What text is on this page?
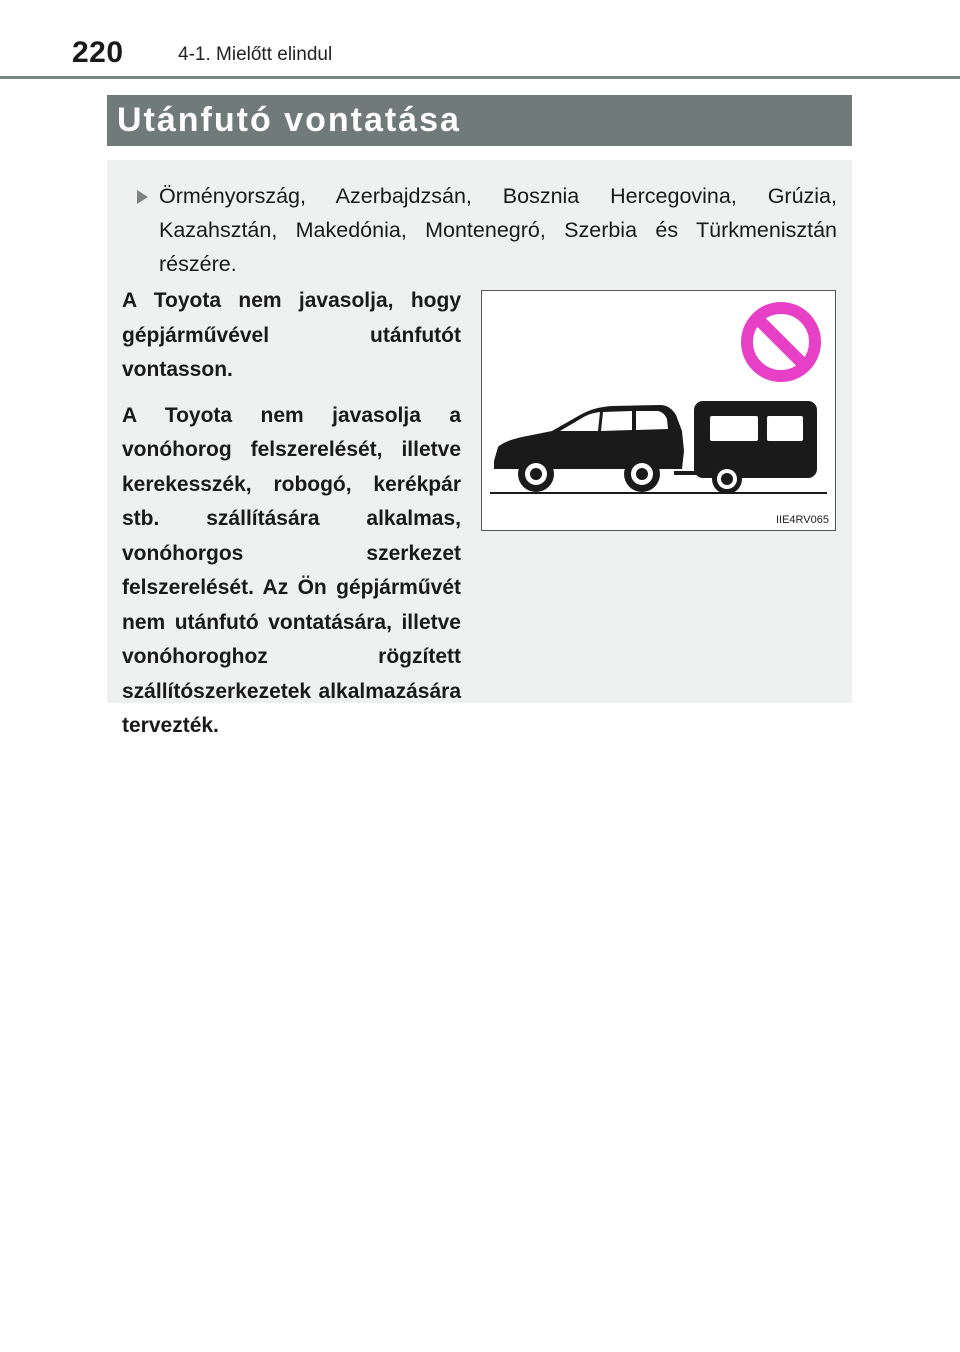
220	4-1. Mielőtt elindul
Utánfutó vontatása
Örményország, Azerbajdzsán, Bosznia Hercegovina, Grúzia, Kazahsztán, Makedónia, Montenegró, Szerbia és Türkmenisztán részére.

A Toyota nem javasolja, hogy gépjárművével utánfutót vontasson.

A Toyota nem javasolja a vonóhorog felszerelését, illetve kerekesszék, robogó, kerékpár stb. szállítására alkalmas, vonóhorgos szerkezet felszerelését. Az Ön gépjárművét nem utánfutó vontatására, illetve vonóhoroghoz rögzített szállítószerkezetek alkalmazására tervezték.

IIE4RV065
